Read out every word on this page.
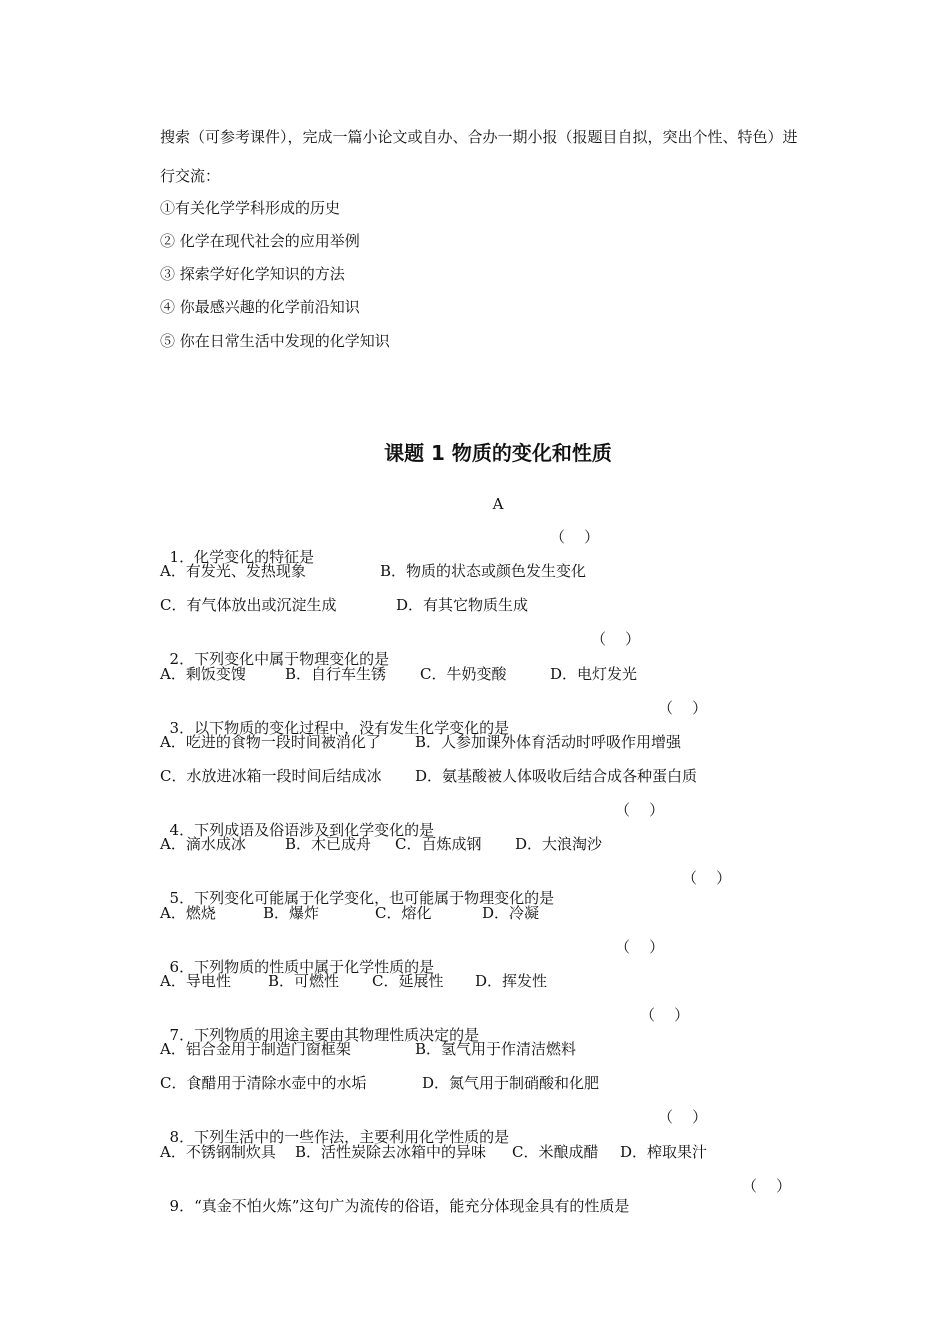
搜索（可参考课件），完成一篇小论文或自办、合办一期小报（报题目自拟，突出个性、特色）进
行交流：
①有关化学学科形成的历史
② 化学在现代社会的应用举例
③ 探索学好化学知识的方法
④ 你最感兴趣的化学前沿知识
⑤ 你在日常生活中发现的化学知识
课题 1 物质的变化和性质
A

1．化学变化的特征是

（    ）

A．有发光、发热现象

	B．物质的状态或颜色发生变化

C．有气体放出或沉淀生成

	D．有其它物质生成

2．下列变化中属于物理变化的是

（    ）

A．剩饭变馊

	B．自行车生锈

C．牛奶变酸

	D．电灯发光

3．以下物质的变化过程中，没有发生化学变化的是

（    ）

A．吃进的食物一段时间被消化了

B．人参加课外体育活动时呼吸作用增强

C．水放进冰箱一段时间后结成冰

D．氨基酸被人体吸收后结合成各种蛋白质

4．下列成语及俗语涉及到化学变化的是

（    ）

A．滴水成冰

	B．木已成舟

C．百炼成钢

D．大浪淘沙

5．下列变化可能属于化学变化，也可能属于物理变化的是

（    ）

A．燃烧

	B．爆炸

	C．熔化

	D．冷凝

6．下列物质的性质中属于化学性质的是

（    ）

A．导电性

B．可燃性

C．延展性

D．挥发性

7．下列物质的用途主要由其物理性质决定的是

（    ）

A．铝合金用于制造门窗框架

	B．氢气用于作清洁燃料

C．食醋用于清除水壶中的水垢

	D．氮气用于制硝酸和化肥

8．下列生活中的一些作法，主要利用化学性质的是

（    ）

A．不锈钢制炊具

B．活性炭除去冰箱中的异味

C．米酿成醋

D．榨取果汁

9．“真金不怕火炼”这句广为流传的俗语，能充分体现金具有的性质是

（    ）
